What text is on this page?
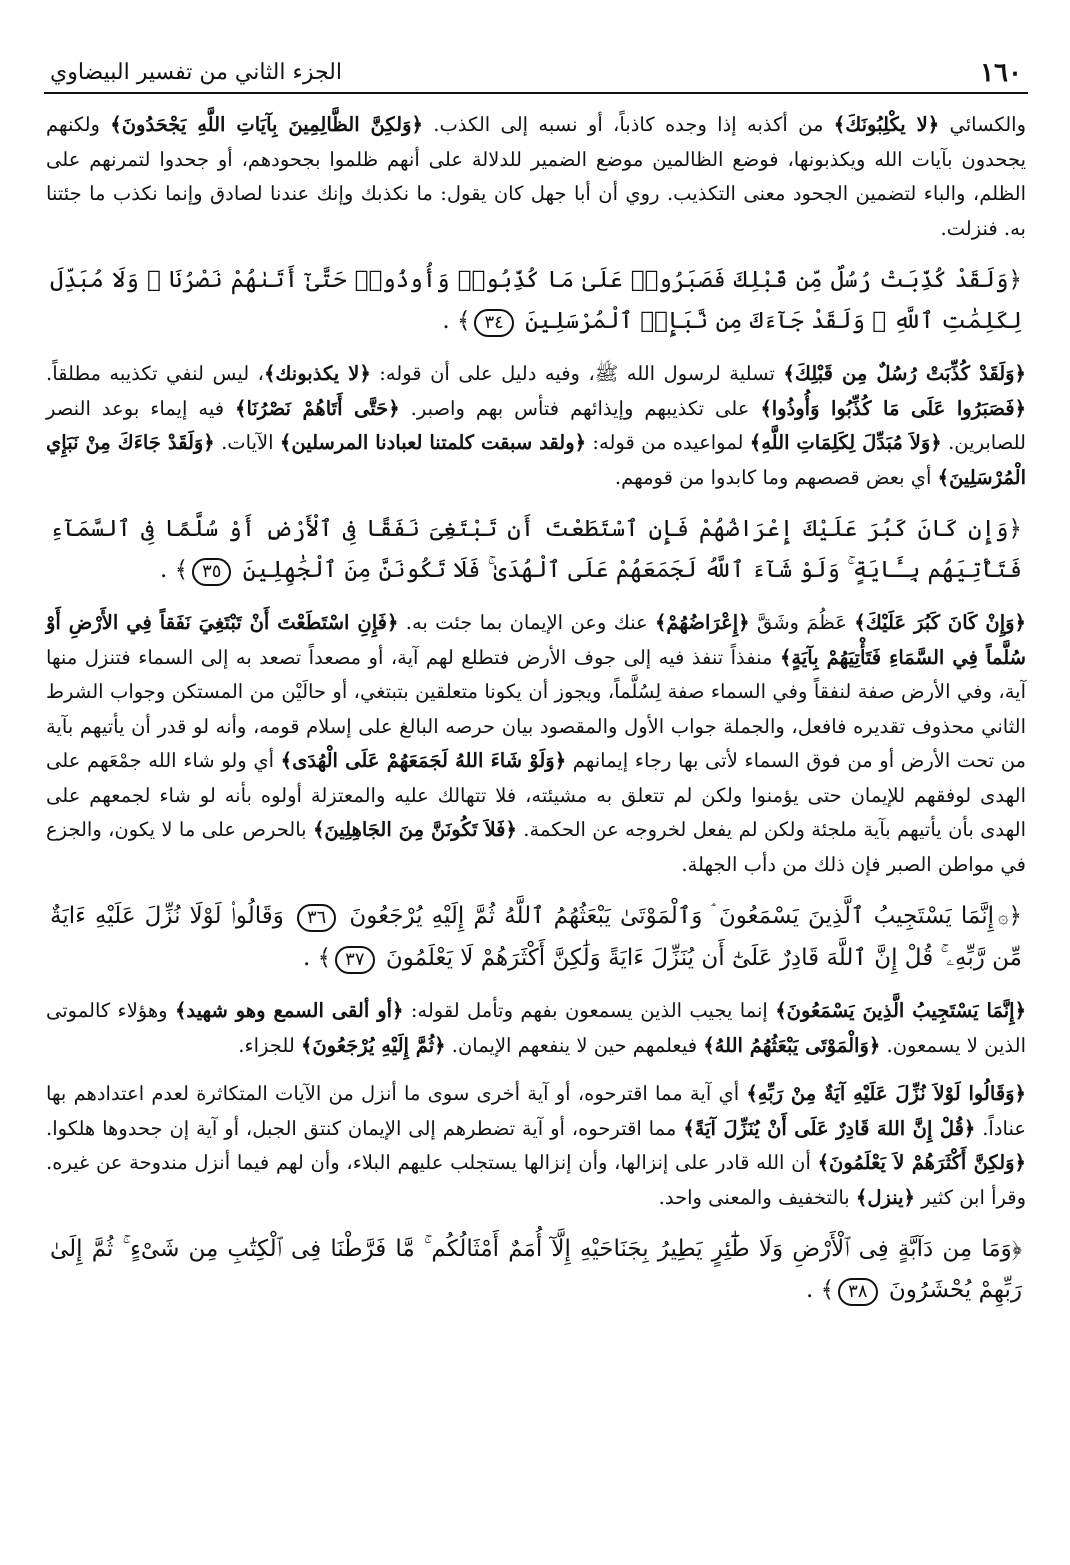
١٦٠
الجزء الثاني من تفسير البيضاوي

والكسائي ﴿لا يكْلِبُونَكَ﴾ من أكذبه إذا وجده كاذباً، أو نسبه إلى الكذب. ﴿وَلكِنَّ الظَّالِمِينَ بِآيَاتِ اللَّهِ يَجْحَدُونَ﴾ ولكنهم يجحدون بآيات الله ويكذبونها، فوضع الظالمين موضع الضمير للدلالة على أنهم ظلموا بجحودهم، أو جحدوا لتمرنهم على الظلم، والباء لتضمين الجحود معنى التكذيب. روي أن أبا جهل كان يقول: ما نكذبك وإنك عندنا لصادق وإنما نكذب ما جئتنا به. فنزلت.

﴿وَلَقَدْ كُذِّبَتْ رُسُلٌ مِّن قَبْلِكَ فَصَبَرُوا۟ عَلَىٰ مَا كُذِّبُوا۟ وَأُوذُوا۟ حَتَّىٰٓ أَتَىٰهُمْ نَصْرُنَا ۚ وَلَا مُبَدِّلَ لِكَلِمَٰتِ ٱللَّهِ ۚ وَلَقَدْ جَآءَكَ مِن نَّبَإِى۟ ٱلْمُرْسَلِينَ ٣٤﴾ .

﴿وَلَقَدْ كُذِّبَتْ رُسُلٌ مِن قَبْلِكَ﴾ تسلية لرسول الله ﷺ، وفيه دليل على أن قوله: ﴿لا يكذبونك﴾، ليس لنفي تكذيبه مطلقاً. ﴿فَصَبَرُوا عَلَى مَا كُذِّبُوا وَأُوذُوا﴾ على تكذيبهم وإيذائهم فتأس بهم واصبر. ﴿حَتَّى أَتَاهُمْ نَصْرُنَا﴾ فيه إيماء بوعد النصر للصابرين. ﴿وَلاَ مُبَدِّلَ لِكَلِمَاتِ اللَّهِ﴾ لمواعيده من قوله: ﴿ولقد سبقت كلمتنا لعبادنا المرسلين﴾ الآيات. ﴿وَلَقَدْ جَاءَكَ مِنْ نَبَإِي الْمُرْسَلِينَ﴾ أي بعض قصصهم وما كابدوا من قومهم.

﴿وَإِن كَانَ كَبُرَ عَلَيْكَ إِعْرَاضُهُمْ فَإِنِ ٱسْتَطَعْتَ أَن تَبْتَغِىَ نَفَقًا فِى ٱلْأَرْضِ أَوْ سُلَّمًا فِى ٱلسَّمَآءِ فَتَأْتِيَهُم بِـَٔايَةٍ ۚ وَلَوْ شَآءَ ٱللَّهُ لَجَمَعَهُمْ عَلَى ٱلْهُدَىٰ ۚ فَلَا تَكُونَنَّ مِنَ ٱلْجَٰهِلِينَ ٣٥﴾ .

﴿وَإِنْ كَانَ كَبُرَ عَلَيْكَ﴾ عَظُمَ وشَقَّ ﴿إِعْرَاضُهُمْ﴾ عنك وعن الإيمان بما جئت به. ﴿فَإِنِ اسْتَطَعْتَ أَنْ تَبْتَغِيَ نَفَقاً فِي الأَرْضِ أَوْ سُلَّماً فِي السَّمَاءِ فَتَأْتِيَهُمْ بِآيَةٍ﴾ منفذاً تنفذ فيه إلى جوف الأرض فتطلع لهم آية، أو مصعداً تصعد به إلى السماء فتنزل منها آية، وفي الأرض صفة لنفقاً وفي السماء صفة لِسُلَّماً، ويجوز أن يكونا متعلقين بتبتغي، أو حالَيْن من المستكن وجواب الشرط الثاني محذوف تقديره فافعل، والجملة جواب الأول والمقصود بيان حرصه البالغ على إسلام قومه، وأنه لو قدر أن يأتيهم بآية من تحت الأرض أو من فوق السماء لأتى بها رجاء إيمانهم ﴿وَلَوْ شَاءَ اللهُ لَجَمَعَهُمْ عَلَى الْهُدَى﴾ أي ولو شاء الله جمْعَهم على الهدى لوفقهم للإيمان حتى يؤمنوا ولكن لم تتعلق به مشيئته، فلا تتهالك عليه والمعتزلة أولوه بأنه لو شاء لجمعهم على الهدى بأن يأتيهم بآية ملجئة ولكن لم يفعل لخروجه عن الحكمة. ﴿فَلاَ تَكُونَنَّ مِنَ الجَاهِلِينَ﴾ بالحرص على ما لا يكون، والجزع في مواطن الصبر فإن ذلك من دأب الجهلة.

﴿۞إِنَّمَا يَسْتَجِيبُ ٱلَّذِينَ يَسْمَعُونَ ۘ وَٱلْمَوْتَىٰ يَبْعَثُهُمُ ٱللَّهُ ثُمَّ إِلَيْهِ يُرْجَعُونَ ٣٦ وَقَالُوا۟ لَوْلَا نُزِّلَ عَلَيْهِ ءَايَةٌ مِّن رَّبِّهِۦ ۚ قُلْ إِنَّ ٱللَّهَ قَادِرٌ عَلَىٰٓ أَن يُنَزِّلَ ءَايَةً وَلَٰكِنَّ أَكْثَرَهُمْ لَا يَعْلَمُونَ ٣٧﴾ .

﴿إِنَّمَا يَسْتَجِيبُ الَّذِينَ يَسْمَعُونَ﴾ إنما يجيب الذين يسمعون بفهم وتأمل لقوله: ﴿أو ألقى السمع وهو شهيد﴾ وهؤلاء كالموتى الذين لا يسمعون. ﴿وَالْمَوْتَى يَبْعَثُهُمُ اللهُ﴾ فيعلمهم حين لا ينفعهم الإيمان. ﴿ثُمَّ إِلَيْهِ يُرْجَعُونَ﴾ للجزاء.

﴿وَقَالُوا لَوْلاَ نُزِّلَ عَلَيْهِ آيَةٌ مِنْ رَبِّهِ﴾ أي آية مما اقترحوه، أو آية أخرى سوى ما أنزل من الآيات المتكاثرة لعدم اعتدادهم بها عناداً. ﴿قُلْ إِنَّ اللهَ قَادِرٌ عَلَى أَنْ يُنَزِّلَ آيَةً﴾ مما اقترحوه، أو آية تضطرهم إلى الإيمان كنتق الجبل، أو آية إن جحدوها هلكوا. ﴿وَلكِنَّ أَكْثَرَهُمْ لاَ يَعْلَمُونَ﴾ أن الله قادر على إنزالها، وأن إنزالها يستجلب عليهم البلاء، وأن لهم فيما أنزل مندوحة عن غيره. وقرأ ابن كثير ﴿ينزل﴾ بالتخفيف والمعنى واحد.

﴿وَمَا مِن دَآبَّةٍ فِى ٱلْأَرْضِ وَلَا طَٰٓئِرٍ يَطِيرُ بِجَنَاحَيْهِ إِلَّآ أُمَمٌ أَمْثَالُكُم ۚ مَّا فَرَّطْنَا فِى ٱلْكِتَٰبِ مِن شَىْءٍ ۚ ثُمَّ إِلَىٰ رَبِّهِمْ يُحْشَرُونَ ٣٨﴾ .
